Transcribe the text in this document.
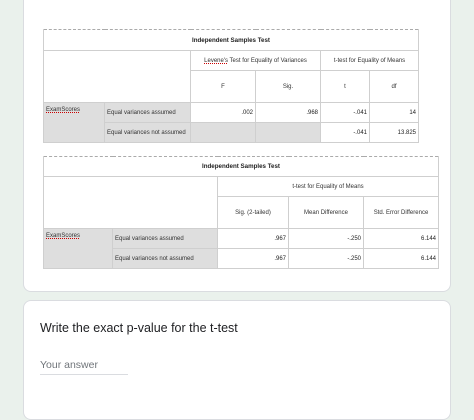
Independent Samples Test					
		Levene's Test for Equality of Variances		t-test for Equality of Means	
		F	Sig.	t	df
ExamScores	Equal variances assumed	.002	.968	-.041	14
	Equal variances not assumed			-.041	13.825
Independent Samples Test				
		t-test for Equality of Means		
		Sig. (2-tailed)	Mean Difference	Std. Error Difference
ExamScores	Equal variances assumed	.967	-.250	6.144
	Equal variances not assumed	.967	-.250	6.144
Write the exact p-value for the t-test
Your answer
